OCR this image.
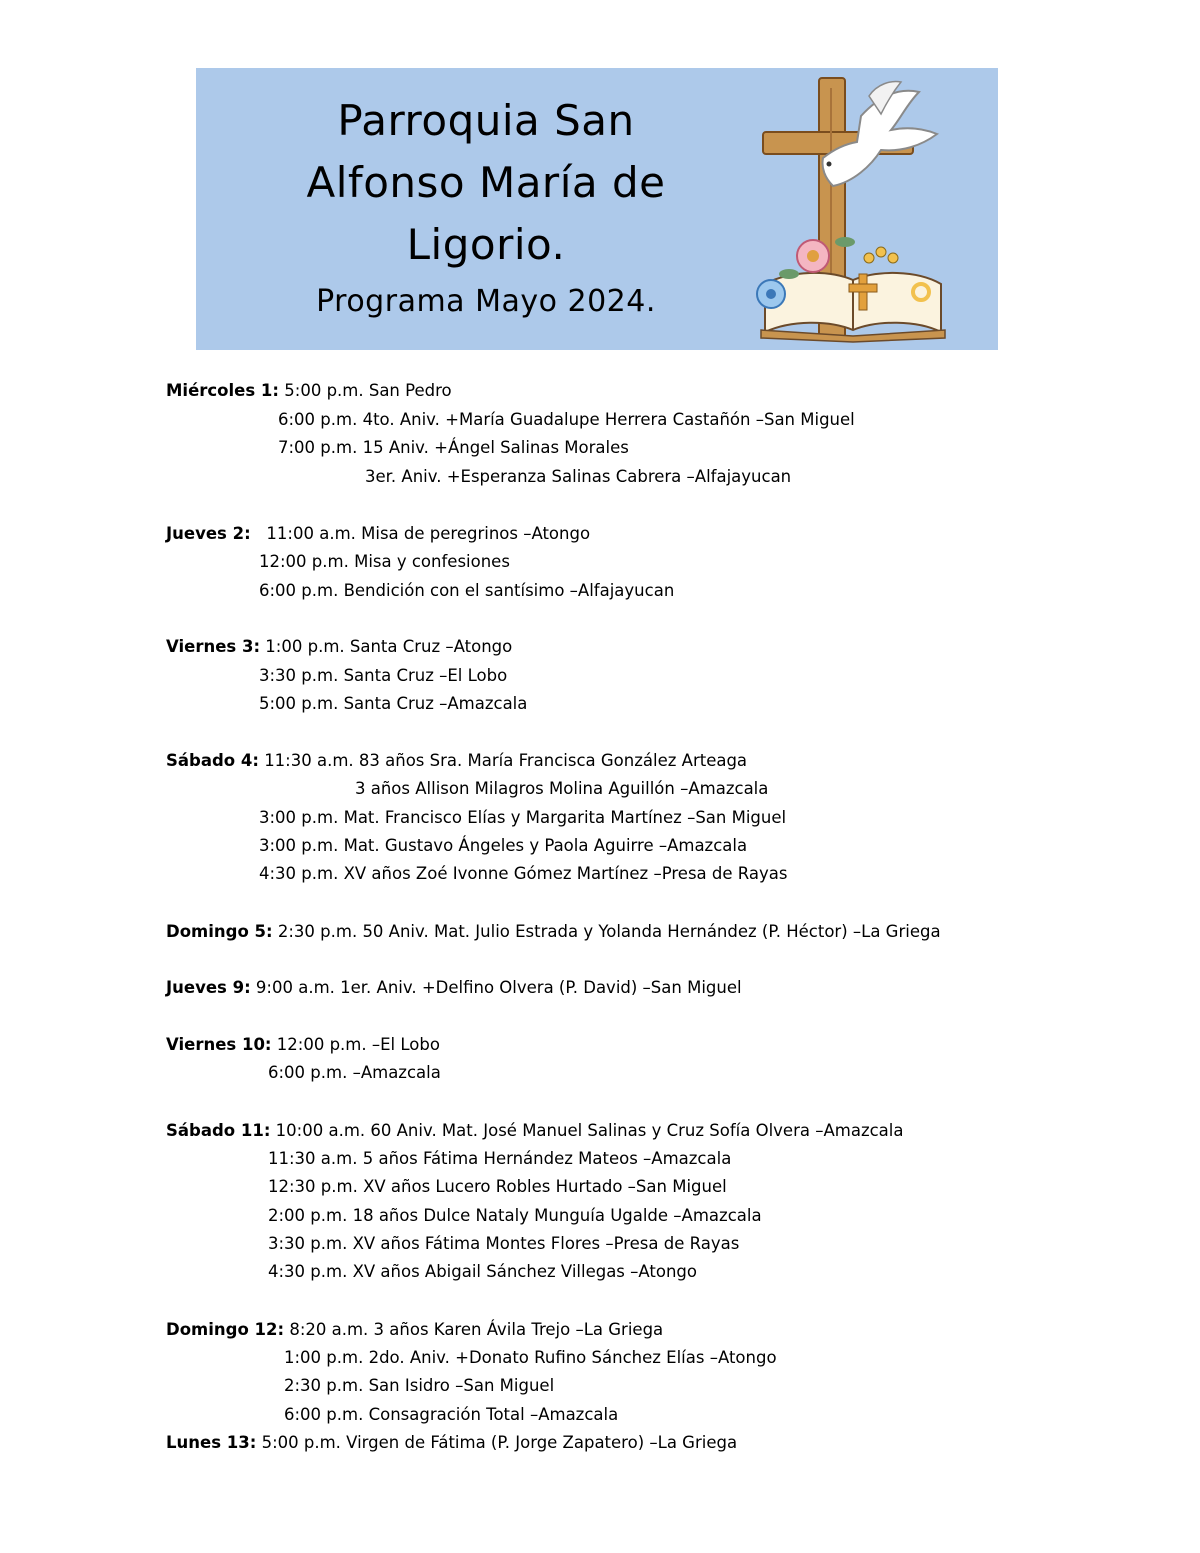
Parroquia San
Alfonso María de
Ligorio.
Programa Mayo 2024.
Miércoles 1: 5:00 p.m. San Pedro
6:00 p.m. 4to. Aniv. +María Guadalupe Herrera Castañón –San Miguel
7:00 p.m. 15 Aniv. +Ángel Salinas Morales
3er. Aniv. +Esperanza Salinas Cabrera –Alfajayucan
Jueves 2: 11:00 a.m. Misa de peregrinos –Atongo
12:00 p.m. Misa y confesiones
6:00 p.m. Bendición con el santísimo –Alfajayucan
Viernes 3: 1:00 p.m. Santa Cruz –Atongo
3:30 p.m. Santa Cruz –El Lobo
5:00 p.m. Santa Cruz –Amazcala
Sábado 4: 11:30 a.m. 83 años Sra. María Francisca González Arteaga
3 años Allison Milagros Molina Aguillón –Amazcala
3:00 p.m. Mat. Francisco Elías y Margarita Martínez –San Miguel
3:00 p.m. Mat. Gustavo Ángeles y Paola Aguirre –Amazcala
4:30 p.m. XV años Zoé Ivonne Gómez Martínez –Presa de Rayas
Domingo 5: 2:30 p.m. 50 Aniv. Mat. Julio Estrada y Yolanda Hernández (P. Héctor) –La Griega
Jueves 9: 9:00 a.m. 1er. Aniv. +Delfino Olvera (P. David) –San Miguel
Viernes 10: 12:00 p.m. –El Lobo
6:00 p.m. –Amazcala
Sábado 11: 10:00 a.m. 60 Aniv. Mat. José Manuel Salinas y Cruz Sofía Olvera –Amazcala
11:30 a.m. 5 años Fátima Hernández Mateos –Amazcala
12:30 p.m. XV años Lucero Robles Hurtado –San Miguel
2:00 p.m. 18 años Dulce Nataly Munguía Ugalde –Amazcala
3:30 p.m. XV años Fátima Montes Flores –Presa de Rayas
4:30 p.m. XV años Abigail Sánchez Villegas –Atongo
Domingo 12: 8:20 a.m. 3 años Karen Ávila Trejo –La Griega
1:00 p.m. 2do. Aniv. +Donato Rufino Sánchez Elías –Atongo
2:30 p.m. San Isidro –San Miguel
6:00 p.m. Consagración Total –Amazcala
Lunes 13: 5:00 p.m. Virgen de Fátima (P. Jorge Zapatero) –La Griega
